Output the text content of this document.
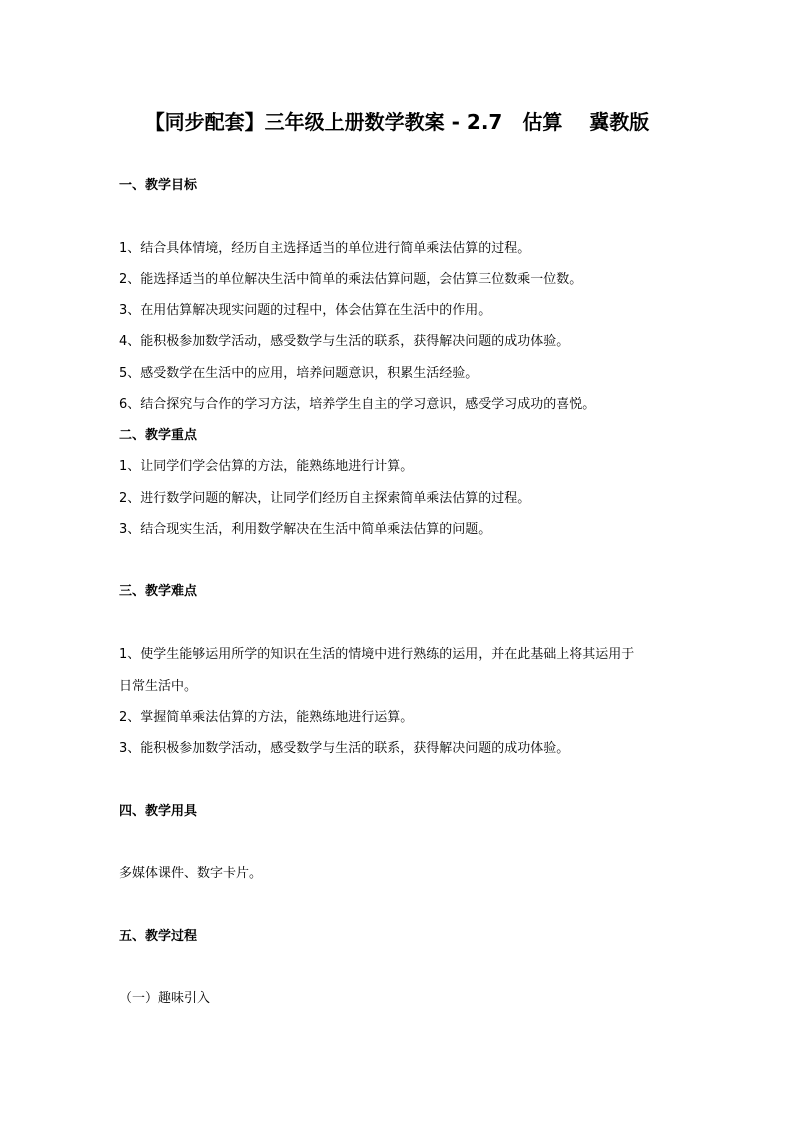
【同步配套】三年级上册数学教案 - 2.7　估算　 冀教版
一、教学目标
1、结合具体情境，经历自主选择适当的单位进行简单乘法估算的过程。
2、能选择适当的单位解决生活中简单的乘法估算问题，会估算三位数乘一位数。
3、在用估算解决现实问题的过程中，体会估算在生活中的作用。
4、能积极参加数学活动，感受数学与生活的联系，获得解决问题的成功体验。
5、感受数学在生活中的应用，培养问题意识，积累生活经验。
6、结合探究与合作的学习方法，培养学生自主的学习意识，感受学习成功的喜悦。
二、教学重点
1、让同学们学会估算的方法，能熟练地进行计算。
2、进行数学问题的解决，让同学们经历自主探索简单乘法估算的过程。
3、结合现实生活，利用数学解决在生活中简单乘法估算的问题。
三、教学难点
1、使学生能够运用所学的知识在生活的情境中进行熟练的运用，并在此基础上将其运用于
日常生活中。
2、掌握简单乘法估算的方法，能熟练地进行运算。
3、能积极参加数学活动，感受数学与生活的联系，获得解决问题的成功体验。
四、教学用具
多媒体课件、数字卡片。
五、教学过程
（一）趣味引入
